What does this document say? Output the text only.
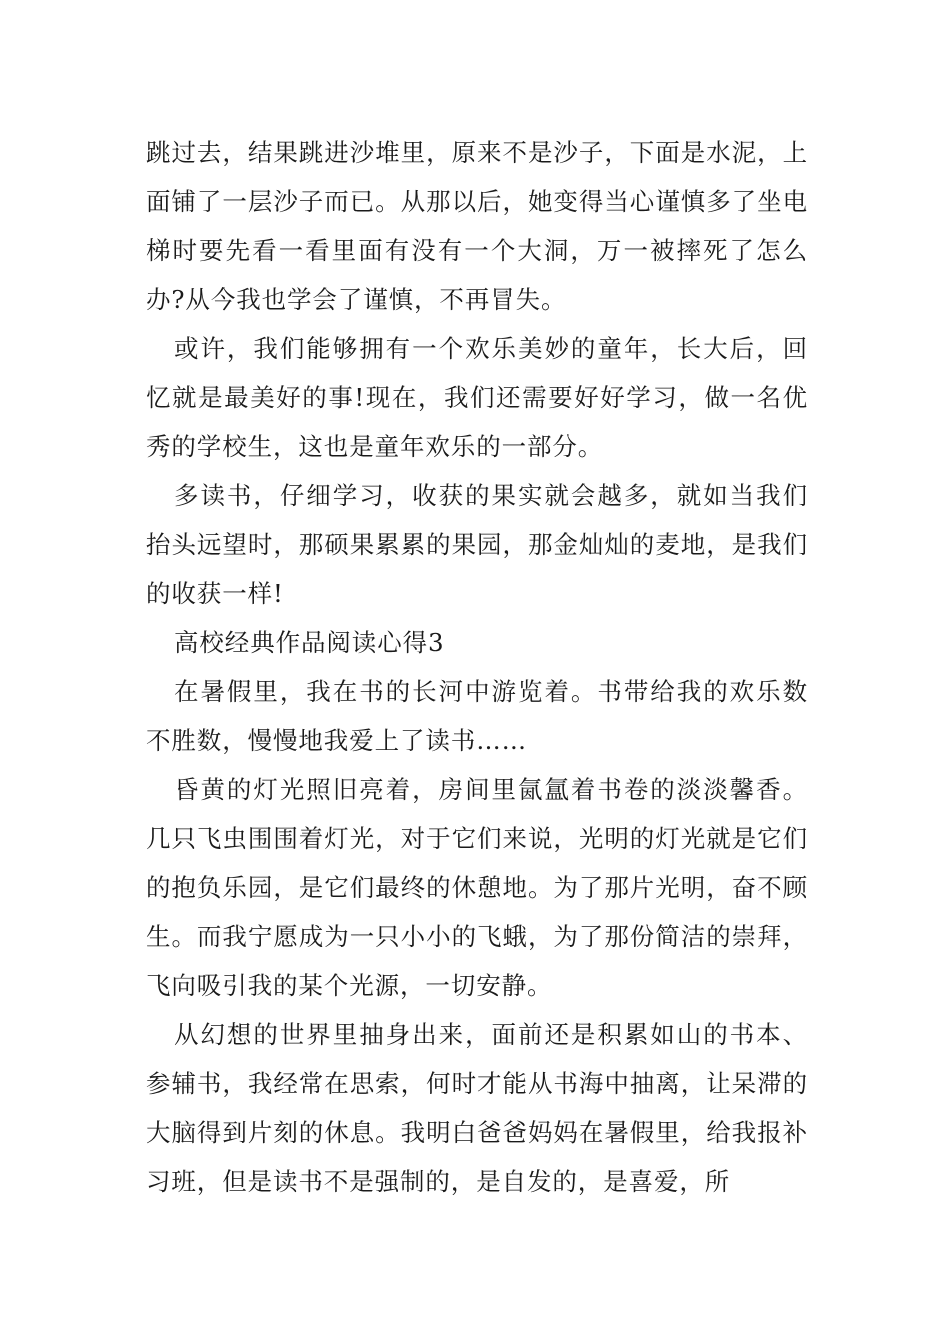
跳过去，结果跳进沙堆里，原来不是沙子，下面是水泥，上面铺了一层沙子而已。从那以后，她变得当心谨慎多了坐电梯时要先看一看里面有没有一个大洞，万一被摔死了怎么办?从今我也学会了谨慎，不再冒失。

或许，我们能够拥有一个欢乐美妙的童年，长大后，回忆就是最美好的事!现在，我们还需要好好学习，做一名优秀的学校生，这也是童年欢乐的一部分。

多读书，仔细学习，收获的果实就会越多，就如当我们抬头远望时，那硕果累累的果园，那金灿灿的麦地，是我们的收获一样!

高校经典作品阅读心得3

在暑假里，我在书的长河中游览着。书带给我的欢乐数不胜数，慢慢地我爱上了读书……

昏黄的灯光照旧亮着，房间里氤氲着书卷的淡淡馨香。几只飞虫围围着灯光，对于它们来说，光明的灯光就是它们的抱负乐园，是它们最终的休憩地。为了那片光明，奋不顾生。而我宁愿成为一只小小的飞蛾，为了那份简洁的崇拜，飞向吸引我的某个光源，一切安静。

从幻想的世界里抽身出来，面前还是积累如山的书本、参辅书，我经常在思索，何时才能从书海中抽离，让呆滞的大脑得到片刻的休息。我明白爸爸妈妈在暑假里，给我报补习班，但是读书不是强制的，是自发的，是喜爱，所
